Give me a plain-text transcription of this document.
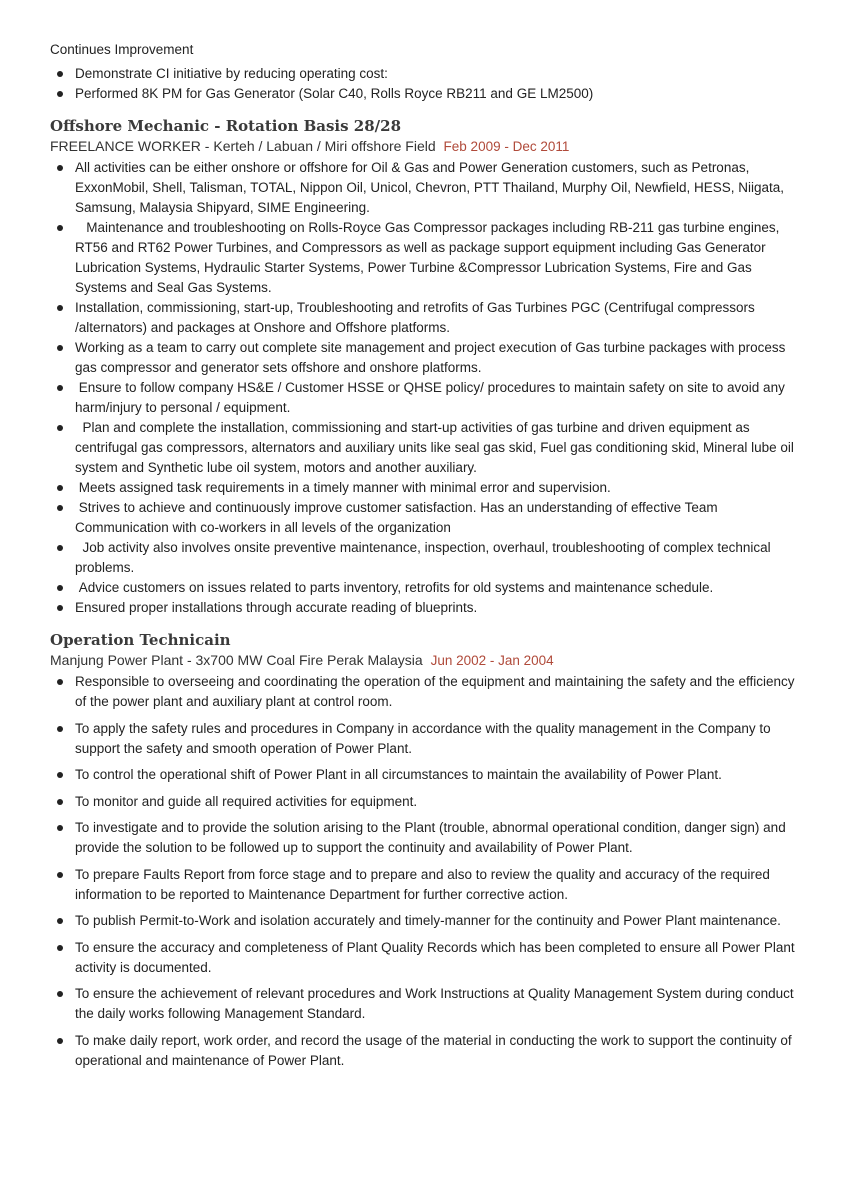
Continues Improvement

Demonstrate CI initiative by reducing operating cost:
Performed 8K PM for Gas Generator (Solar C40, Rolls Royce RB211 and GE LM2500)
Offshore Mechanic - Rotation Basis 28/28

FREELANCE WORKER - Kerteh / Labuan / Miri offshore Field Feb 2009 - Dec 2011

All activities can be either onshore or offshore for Oil & Gas and Power Generation customers, such as Petronas, ExxonMobil, Shell, Talisman, TOTAL, Nippon Oil, Unicol, Chevron, PTT Thailand, Murphy Oil, Newfield, HESS, Niigata, Samsung, Malaysia Shipyard, SIME Engineering.
Maintenance and troubleshooting on Rolls-Royce Gas Compressor packages including RB-211 gas turbine engines, RT56 and RT62 Power Turbines, and Compressors as well as package support equipment including Gas Generator Lubrication Systems, Hydraulic Starter Systems, Power Turbine &Compressor Lubrication Systems, Fire and Gas Systems and Seal Gas Systems.
Installation, commissioning, start-up, Troubleshooting and retrofits of Gas Turbines PGC (Centrifugal compressors /alternators) and packages at Onshore and Offshore platforms.
Working as a team to carry out complete site management and project execution of Gas turbine packages with process gas compressor and generator sets offshore and onshore platforms.
Ensure to follow company HS&E / Customer HSSE or QHSE policy/ procedures to maintain safety on site to avoid any harm/injury to personal / equipment.
Plan and complete the installation, commissioning and start-up activities of gas turbine and driven equipment as centrifugal gas compressors, alternators and auxiliary units like seal gas skid, Fuel gas conditioning skid, Mineral lube oil system and Synthetic lube oil system, motors and another auxiliary.
Meets assigned task requirements in a timely manner with minimal error and supervision.
Strives to achieve and continuously improve customer satisfaction. Has an understanding of effective Team Communication with co-workers in all levels of the organization
Job activity also involves onsite preventive maintenance, inspection, overhaul, troubleshooting of complex technical problems.
Advice customers on issues related to parts inventory, retrofits for old systems and maintenance schedule.
Ensured proper installations through accurate reading of blueprints.
Operation Technicain

Manjung Power Plant - 3x700 MW Coal Fire Perak Malaysia Jun 2002 - Jan 2004

Responsible to overseeing and coordinating the operation of the equipment and maintaining the safety and the efficiency of the power plant and auxiliary plant at control room.
To apply the safety rules and procedures in Company in accordance with the quality management in the Company to support the safety and smooth operation of Power Plant.
To control the operational shift of Power Plant in all circumstances to maintain the availability of Power Plant.
To monitor and guide all required activities for equipment.
To investigate and to provide the solution arising to the Plant (trouble, abnormal operational condition, danger sign) and provide the solution to be followed up to support the continuity and availability of Power Plant.
To prepare Faults Report from force stage and to prepare and also to review the quality and accuracy of the required information to be reported to Maintenance Department for further corrective action.
To publish Permit-to-Work and isolation accurately and timely-manner for the continuity and Power Plant maintenance.
To ensure the accuracy and completeness of Plant Quality Records which has been completed to ensure all Power Plant activity is documented.
To ensure the achievement of relevant procedures and Work Instructions at Quality Management System during conduct the daily works following Management Standard.
To make daily report, work order, and record the usage of the material in conducting the work to support the continuity of operational and maintenance of Power Plant.
